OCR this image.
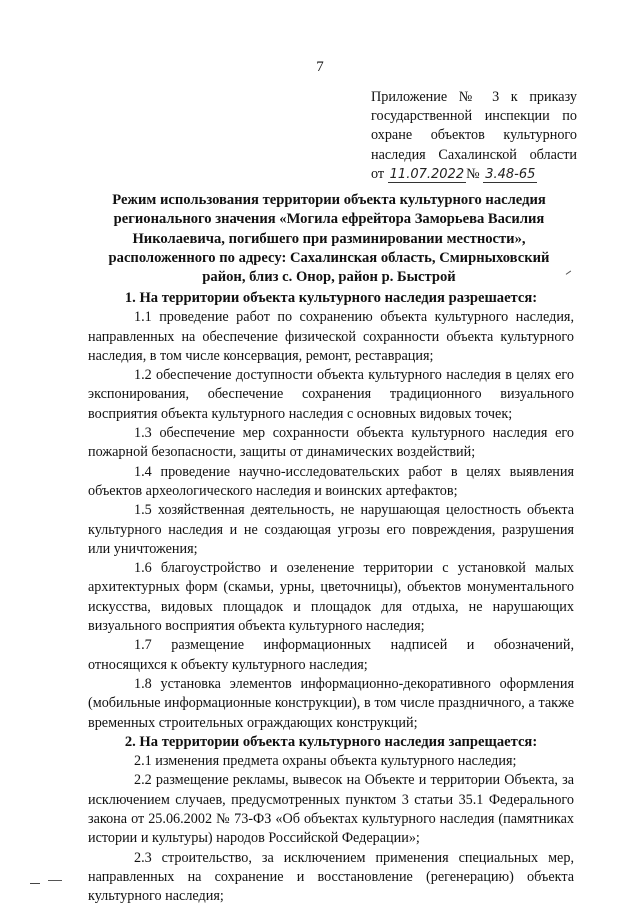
7
Приложение № 3 к приказу
государственной инспекции по
охране объектов культурного
наследия Сахалинской области
от 11.07.2022 № 3.48-65
Режим использования территории объекта культурного наследия
регионального значения «Могила ефрейтора Заморьева Василия
Николаевича, погибшего при разминировании местности»,
расположенного по адресу: Сахалинская область, Смирныховский
район, близ с. Онор, район р. Быстрой
1. На территории объекта культурного наследия разрешается:

1.1 проведение работ по сохранению объекта культурного наследия, направленных на обеспечение физической сохранности объекта культурного наследия, в том числе консервация, ремонт, реставрация;

1.2 обеспечение доступности объекта культурного наследия в целях его экспонирования, обеспечение сохранения традиционного визуального восприятия объекта культурного наследия с основных видовых точек;

1.3 обеспечение мер сохранности объекта культурного наследия его пожарной безопасности, защиты от динамических воздействий;

1.4 проведение научно-исследовательских работ в целях выявления объектов археологического наследия и воинских артефактов;

1.5 хозяйственная деятельность, не нарушающая целостность объекта культурного наследия и не создающая угрозы его повреждения, разрушения или уничтожения;

1.6 благоустройство и озеленение территории с установкой малых архитектурных форм (скамьи, урны, цветочницы), объектов монументального искусства, видовых площадок и площадок для отдыха, не нарушающих визуального восприятия объекта культурного наследия;

1.7 размещение информационных надписей и обозначений, относящихся к объекту культурного наследия;

1.8 установка элементов информационно-декоративного оформления (мобильные информационные конструкции), в том числе праздничного, а также временных строительных ограждающих конструкций;

2. На территории объекта культурного наследия запрещается:

2.1 изменения предмета охраны объекта культурного наследия;

2.2 размещение рекламы, вывесок на Объекте и территории Объекта, за исключением случаев, предусмотренных пунктом 3 статьи 35.1 Федерального закона от 25.06.2002 № 73-ФЗ «Об объектах культурного наследия (памятниках истории и культуры) народов Российской Федерации»;

2.3 строительство, за исключением применения специальных мер, направленных на сохранение и восстановление (регенерацию) объекта культурного наследия;
